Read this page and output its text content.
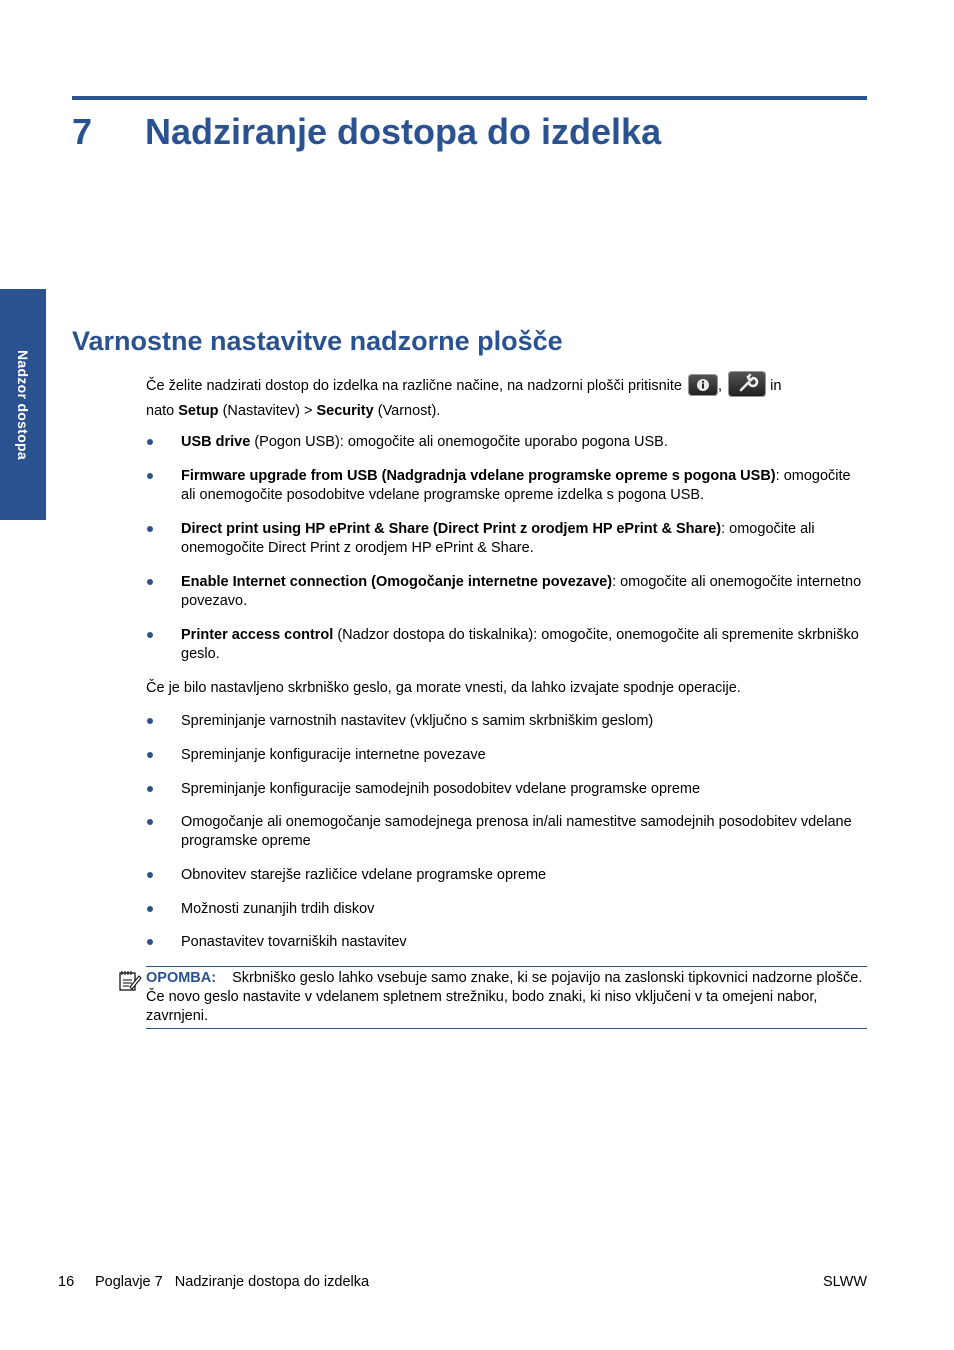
7 Nadziranje dostopa do izdelka
Nadzor dostopa
Varnostne nastavitve nadzorne plošče
Če želite nadzirati dostop do izdelka na različne načine, na nadzorni plošči pritisnite ,	in
nato Setup (Nastavitev) > Security (Varnost).
USB drive (Pogon USB): omogočite ali onemogočite uporabo pogona USB.
Firmware upgrade from USB (Nadgradnja vdelane programske opreme s pogona USB): omogočite ali onemogočite posodobitve vdelane programske opreme izdelka s pogona USB.
Direct print using HP ePrint & Share (Direct Print z orodjem HP ePrint & Share): omogočite ali onemogočite Direct Print z orodjem HP ePrint & Share.
Enable Internet connection (Omogočanje internetne povezave): omogočite ali onemogočite internetno povezavo.
Printer access control (Nadzor dostopa do tiskalnika): omogočite, onemogočite ali spremenite skrbniško geslo.
Če je bilo nastavljeno skrbniško geslo, ga morate vnesti, da lahko izvajate spodnje operacije.
Spreminjanje varnostnih nastavitev (vključno s samim skrbniškim geslom)
Spreminjanje konfiguracije internetne povezave
Spreminjanje konfiguracije samodejnih posodobitev vdelane programske opreme
Omogočanje ali onemogočanje samodejnega prenosa in/ali namestitve samodejnih posodobitev vdelane programske opreme
Obnovitev starejše različice vdelane programske opreme
Možnosti zunanjih trdih diskov
Ponastavitev tovarniških nastavitev
OPOMBA: Skrbniško geslo lahko vsebuje samo znake, ki se pojavijo na zaslonski tipkovnici nadzorne plošče. Če novo geslo nastavite v vdelanem spletnem strežniku, bodo znaki, ki niso vključeni v ta omejeni nabor, zavrnjeni.
16 Poglavje 7   Nadziranje dostopa do izdelka	SLWW
